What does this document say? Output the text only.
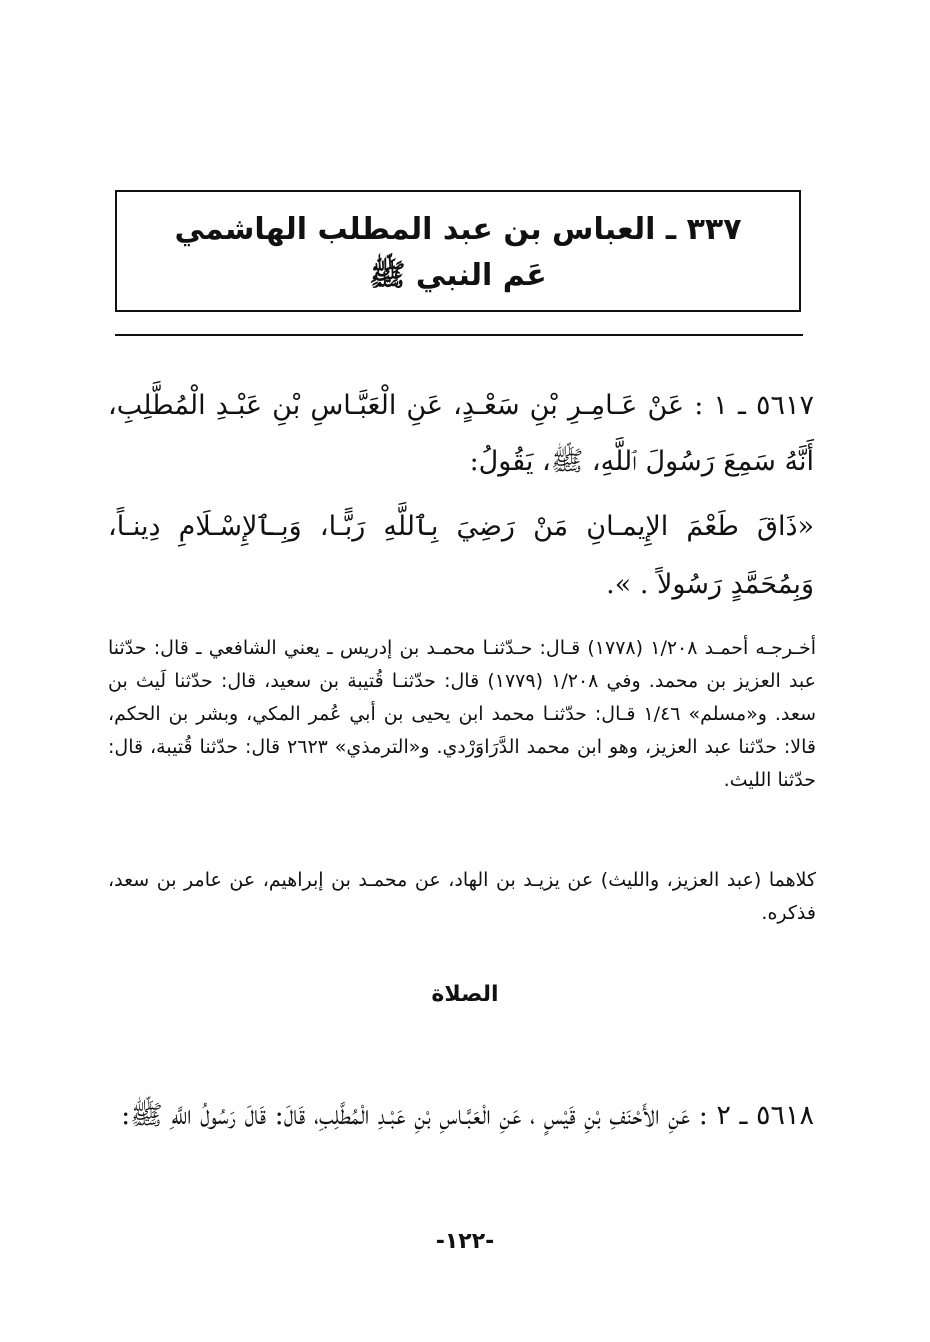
٣٣٧ ـ العباس بن عبد المطلب الهاشمي
عَم النبي ﷺ

٥٦١٧ ـ ١ : عَنْ عَـامِـرِ بْنِ سَعْـدٍ، عَنِ الْعَبَّـاسِ بْنِ عَبْـدِ الْمُطَّلِبِ، أَنَّهُ سَمِعَ رَسُولَ ٱللَّهِ، ﷺ، يَقُولُ:

«ذَاقَ طَعْمَ الإِيمـانِ مَنْ رَضِيَ بِٱللَّهِ رَبًّـا، وَبِـٱلإِسْـلَامِ دِينـاً، وَبِمُحَمَّدٍ رَسُولاً . ».

أخـرجـه أحمـد ١/٢٠٨ (١٧٧٨) قـال: حـدّثنـا محمـد بن إدريس ـ يعني الشافعي ـ قال: حدّثنا عبد العزيز بن محمد. وفي ١/٢٠٨ (١٧٧٩) قال: حدّثنـا قُتيبة بن سعيد، قال: حدّثنا لَيث بن سعد. و«مسلم» ١/٤٦ قـال: حدّثنـا محمد ابن يحيى بن أبي عُمر المكي، وبشر بن الحكم، قالا: حدّثنا عبد العزيز، وهو ابن محمد الدَّرَاوَرْدي. و«الترمذي» ٢٦٢٣ قال: حدّثنا قُتيبة، قال: حدّثنا الليث.

كلاهما (عبد العزيز، والليث) عن يزيـد بن الهاد، عن محمـد بن إبراهيم، عن عامر بن سعد، فذكره.

الصلاة

٥٦١٨ ـ ٢ : عَنِ الأَحْنَفِ بْنِ قَيْسٍ ، عَنِ الْعَبَّـاسِ بْنِ عَبْـدِ الْمُطَّلِبِ، قَالَ: قَالَ رَسُولُ اللَّهِ ﷺ:

-١٢٢-
